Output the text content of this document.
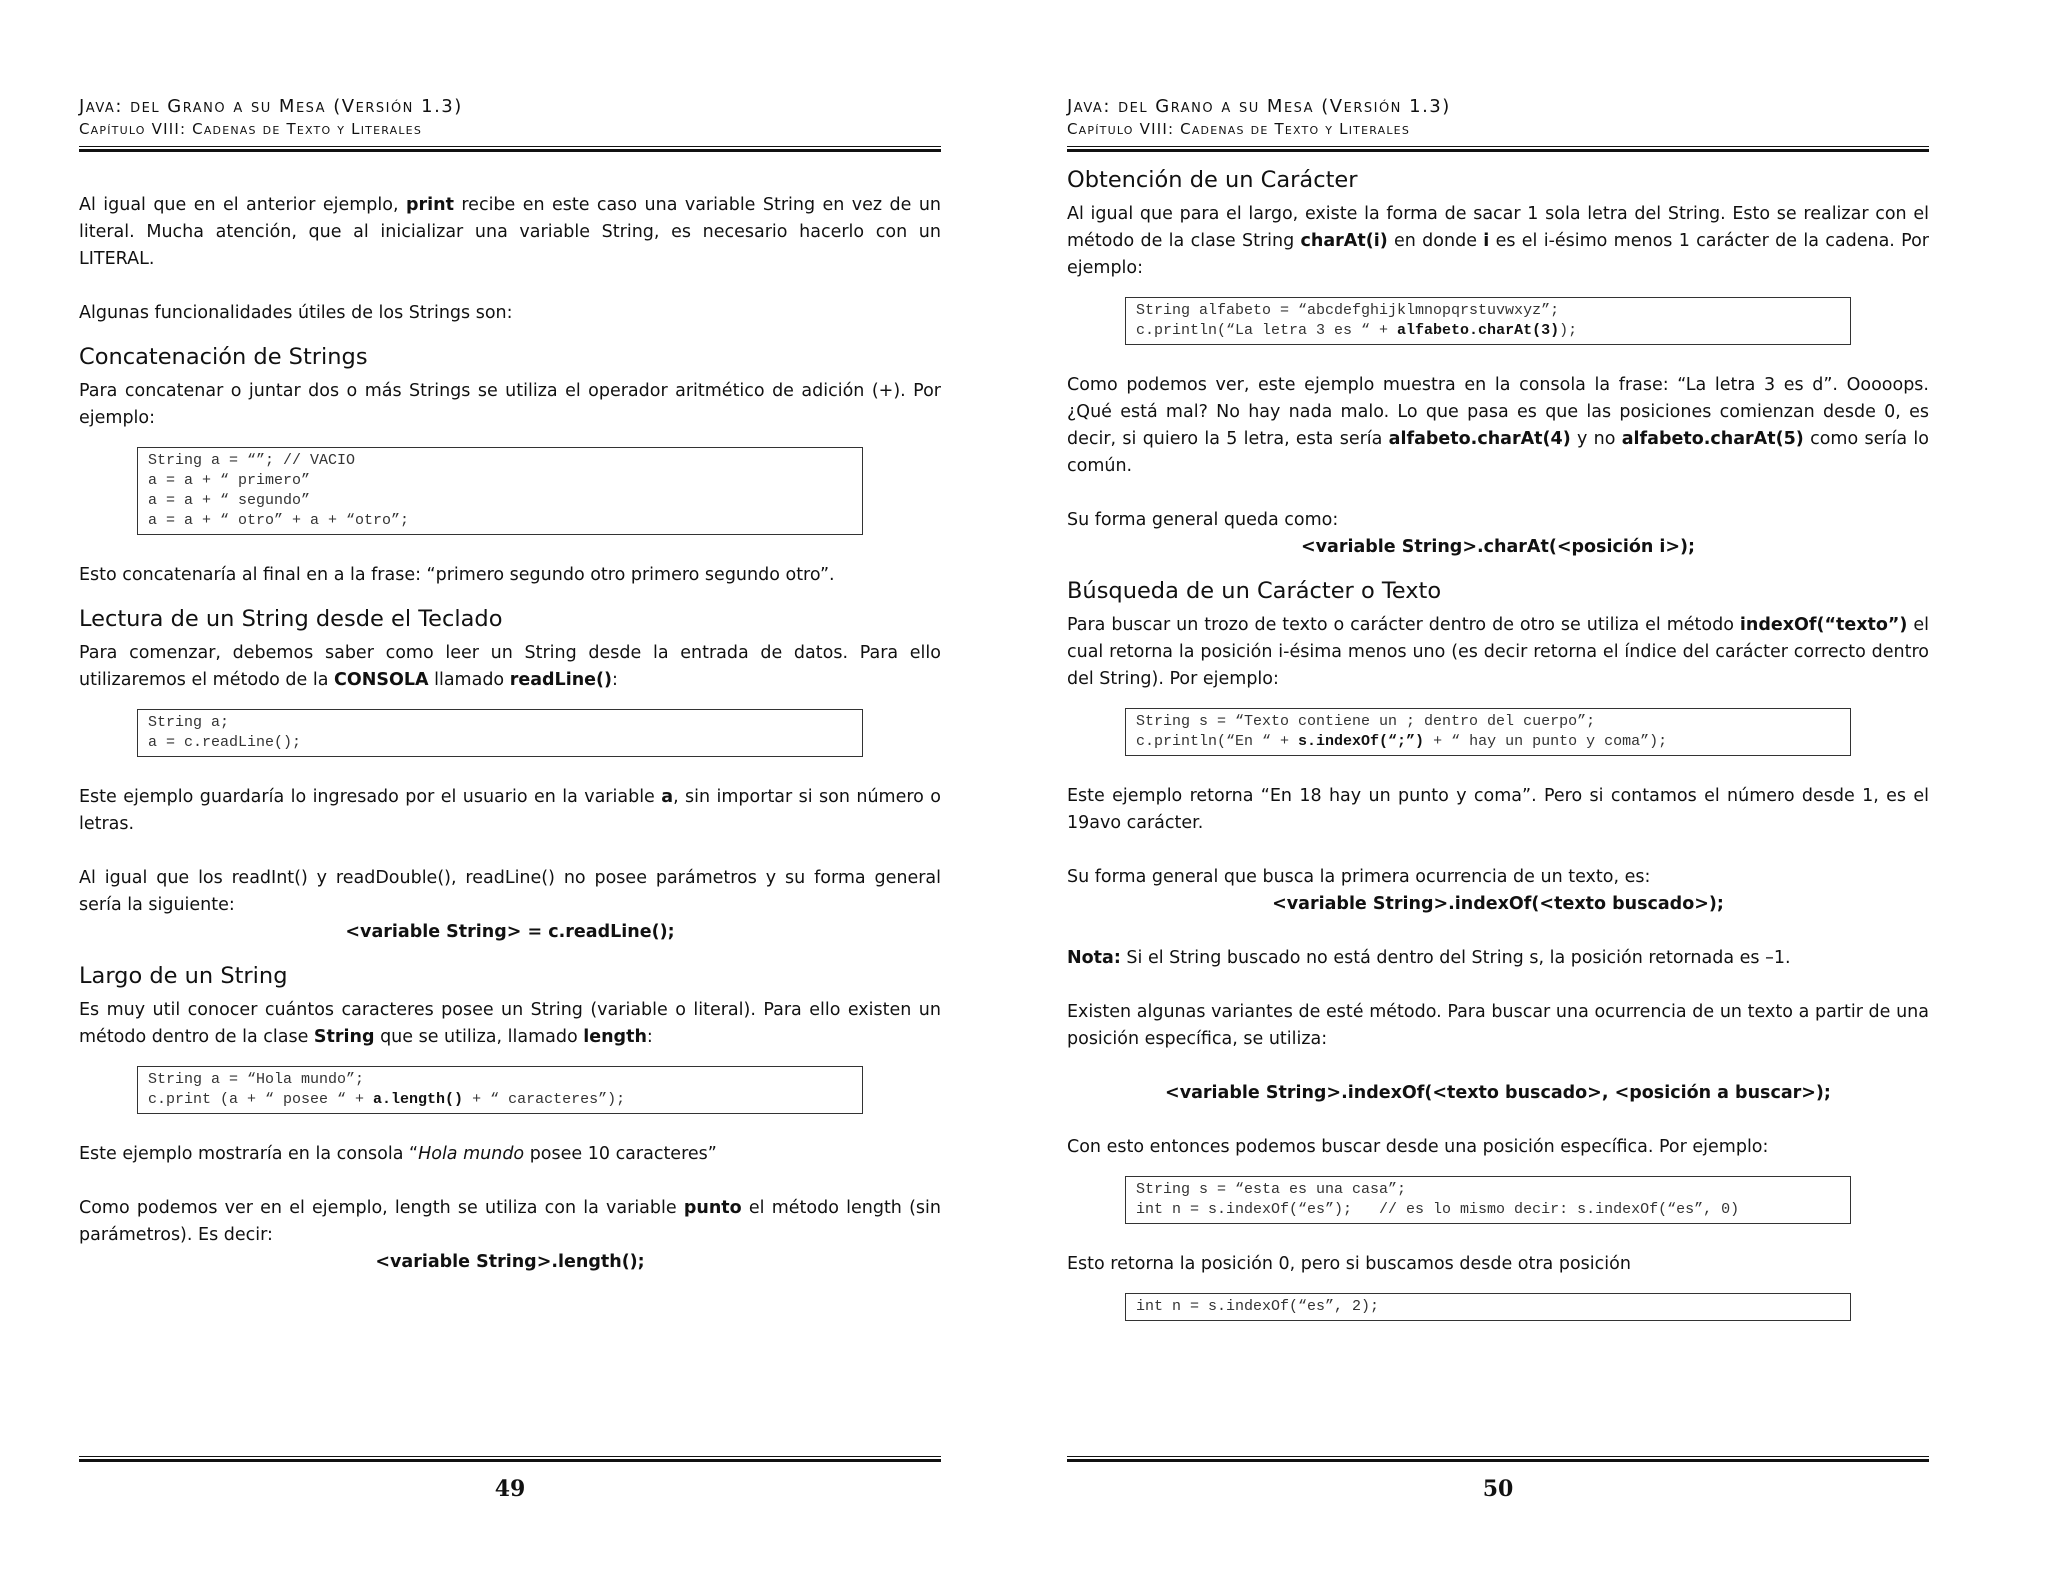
Java: del Grano a su Mesa (Versión 1.3)
Capítulo VIII: Cadenas de Texto y Literales

Al igual que en el anterior ejemplo, print recibe en este caso una variable String en vez de un literal. Mucha atención, que al inicializar una variable String, es necesario hacerlo con un LITERAL.

Algunas funcionalidades útiles de los Strings son:

Concatenación de Strings

Para concatenar o juntar dos o más Strings se utiliza el operador aritmético de adición (+). Por ejemplo:

String a = “”; // VACIO
a = a + “ primero”
a = a + “ segundo”
a = a + “ otro” + a + “otro”;

Esto concatenaría al final en a la frase: “primero segundo otro primero segundo otro”.

Lectura de un String desde el Teclado

Para comenzar, debemos saber como leer un String desde la entrada de datos. Para ello utilizaremos el método de la CONSOLA llamado readLine():

String a;
a = c.readLine();

Este ejemplo guardaría lo ingresado por el usuario en la variable a, sin importar si son número o letras.

Al igual que los readInt() y readDouble(), readLine() no posee parámetros y su forma general sería la siguiente:

<variable String> = c.readLine();

Largo de un String

Es muy util conocer cuántos caracteres posee un String (variable o literal). Para ello existen un método dentro de la clase String que se utiliza, llamado length:

String a = “Hola mundo”;
c.print (a + “ posee “ + a.length() + “ caracteres”);

Este ejemplo mostraría en la consola “Hola mundo posee 10 caracteres”

Como podemos ver en el ejemplo, length se utiliza con la variable punto el método length (sin parámetros). Es decir:

<variable String>.length();

49
Java: del Grano a su Mesa (Versión 1.3)
Capítulo VIII: Cadenas de Texto y Literales
Obtención de un Carácter

Al igual que para el largo, existe la forma de sacar 1 sola letra del String. Esto se realizar con el método de la clase String charAt(i) en donde i es el i-ésimo menos 1 carácter de la cadena. Por ejemplo:

String alfabeto = “abcdefghijklmnopqrstuvwxyz”;
c.println(“La letra 3 es “ + alfabeto.charAt(3));

Como podemos ver, este ejemplo muestra en la consola la frase: “La letra 3 es d”. Ooooops. ¿Qué está mal? No hay nada malo. Lo que pasa es que las posiciones comienzan desde 0, es decir, si quiero la 5 letra, esta sería alfabeto.charAt(4) y no alfabeto.charAt(5) como sería lo común.

Su forma general queda como:

<variable String>.charAt(<posición i>);

Búsqueda de un Carácter o Texto

Para buscar un trozo de texto o carácter dentro de otro se utiliza el método indexOf(“texto”) el cual retorna la posición i-ésima menos uno (es decir retorna el índice del carácter correcto dentro del String). Por ejemplo:

String s = “Texto contiene un ; dentro del cuerpo”;
c.println(“En “ + s.indexOf(“;”) + “ hay un punto y coma”);

Este ejemplo retorna “En 18 hay un punto y coma”. Pero si contamos el número desde 1, es el 19avo carácter.

Su forma general que busca la primera ocurrencia de un texto, es:

<variable String>.indexOf(<texto buscado>);

Nota: Si el String buscado no está dentro del String s, la posición retornada es –1.

Existen algunas variantes de esté método. Para buscar una ocurrencia de un texto a partir de una posición específica, se utiliza:

<variable String>.indexOf(<texto buscado>, <posición a buscar>);

Con esto entonces podemos buscar desde una posición específica. Por ejemplo:

String s = “esta es una casa”;
int n = s.indexOf(“es”);   // es lo mismo decir: s.indexOf(“es”, 0)

Esto retorna la posición 0, pero si buscamos desde otra posición

int n = s.indexOf(“es”, 2);
50
